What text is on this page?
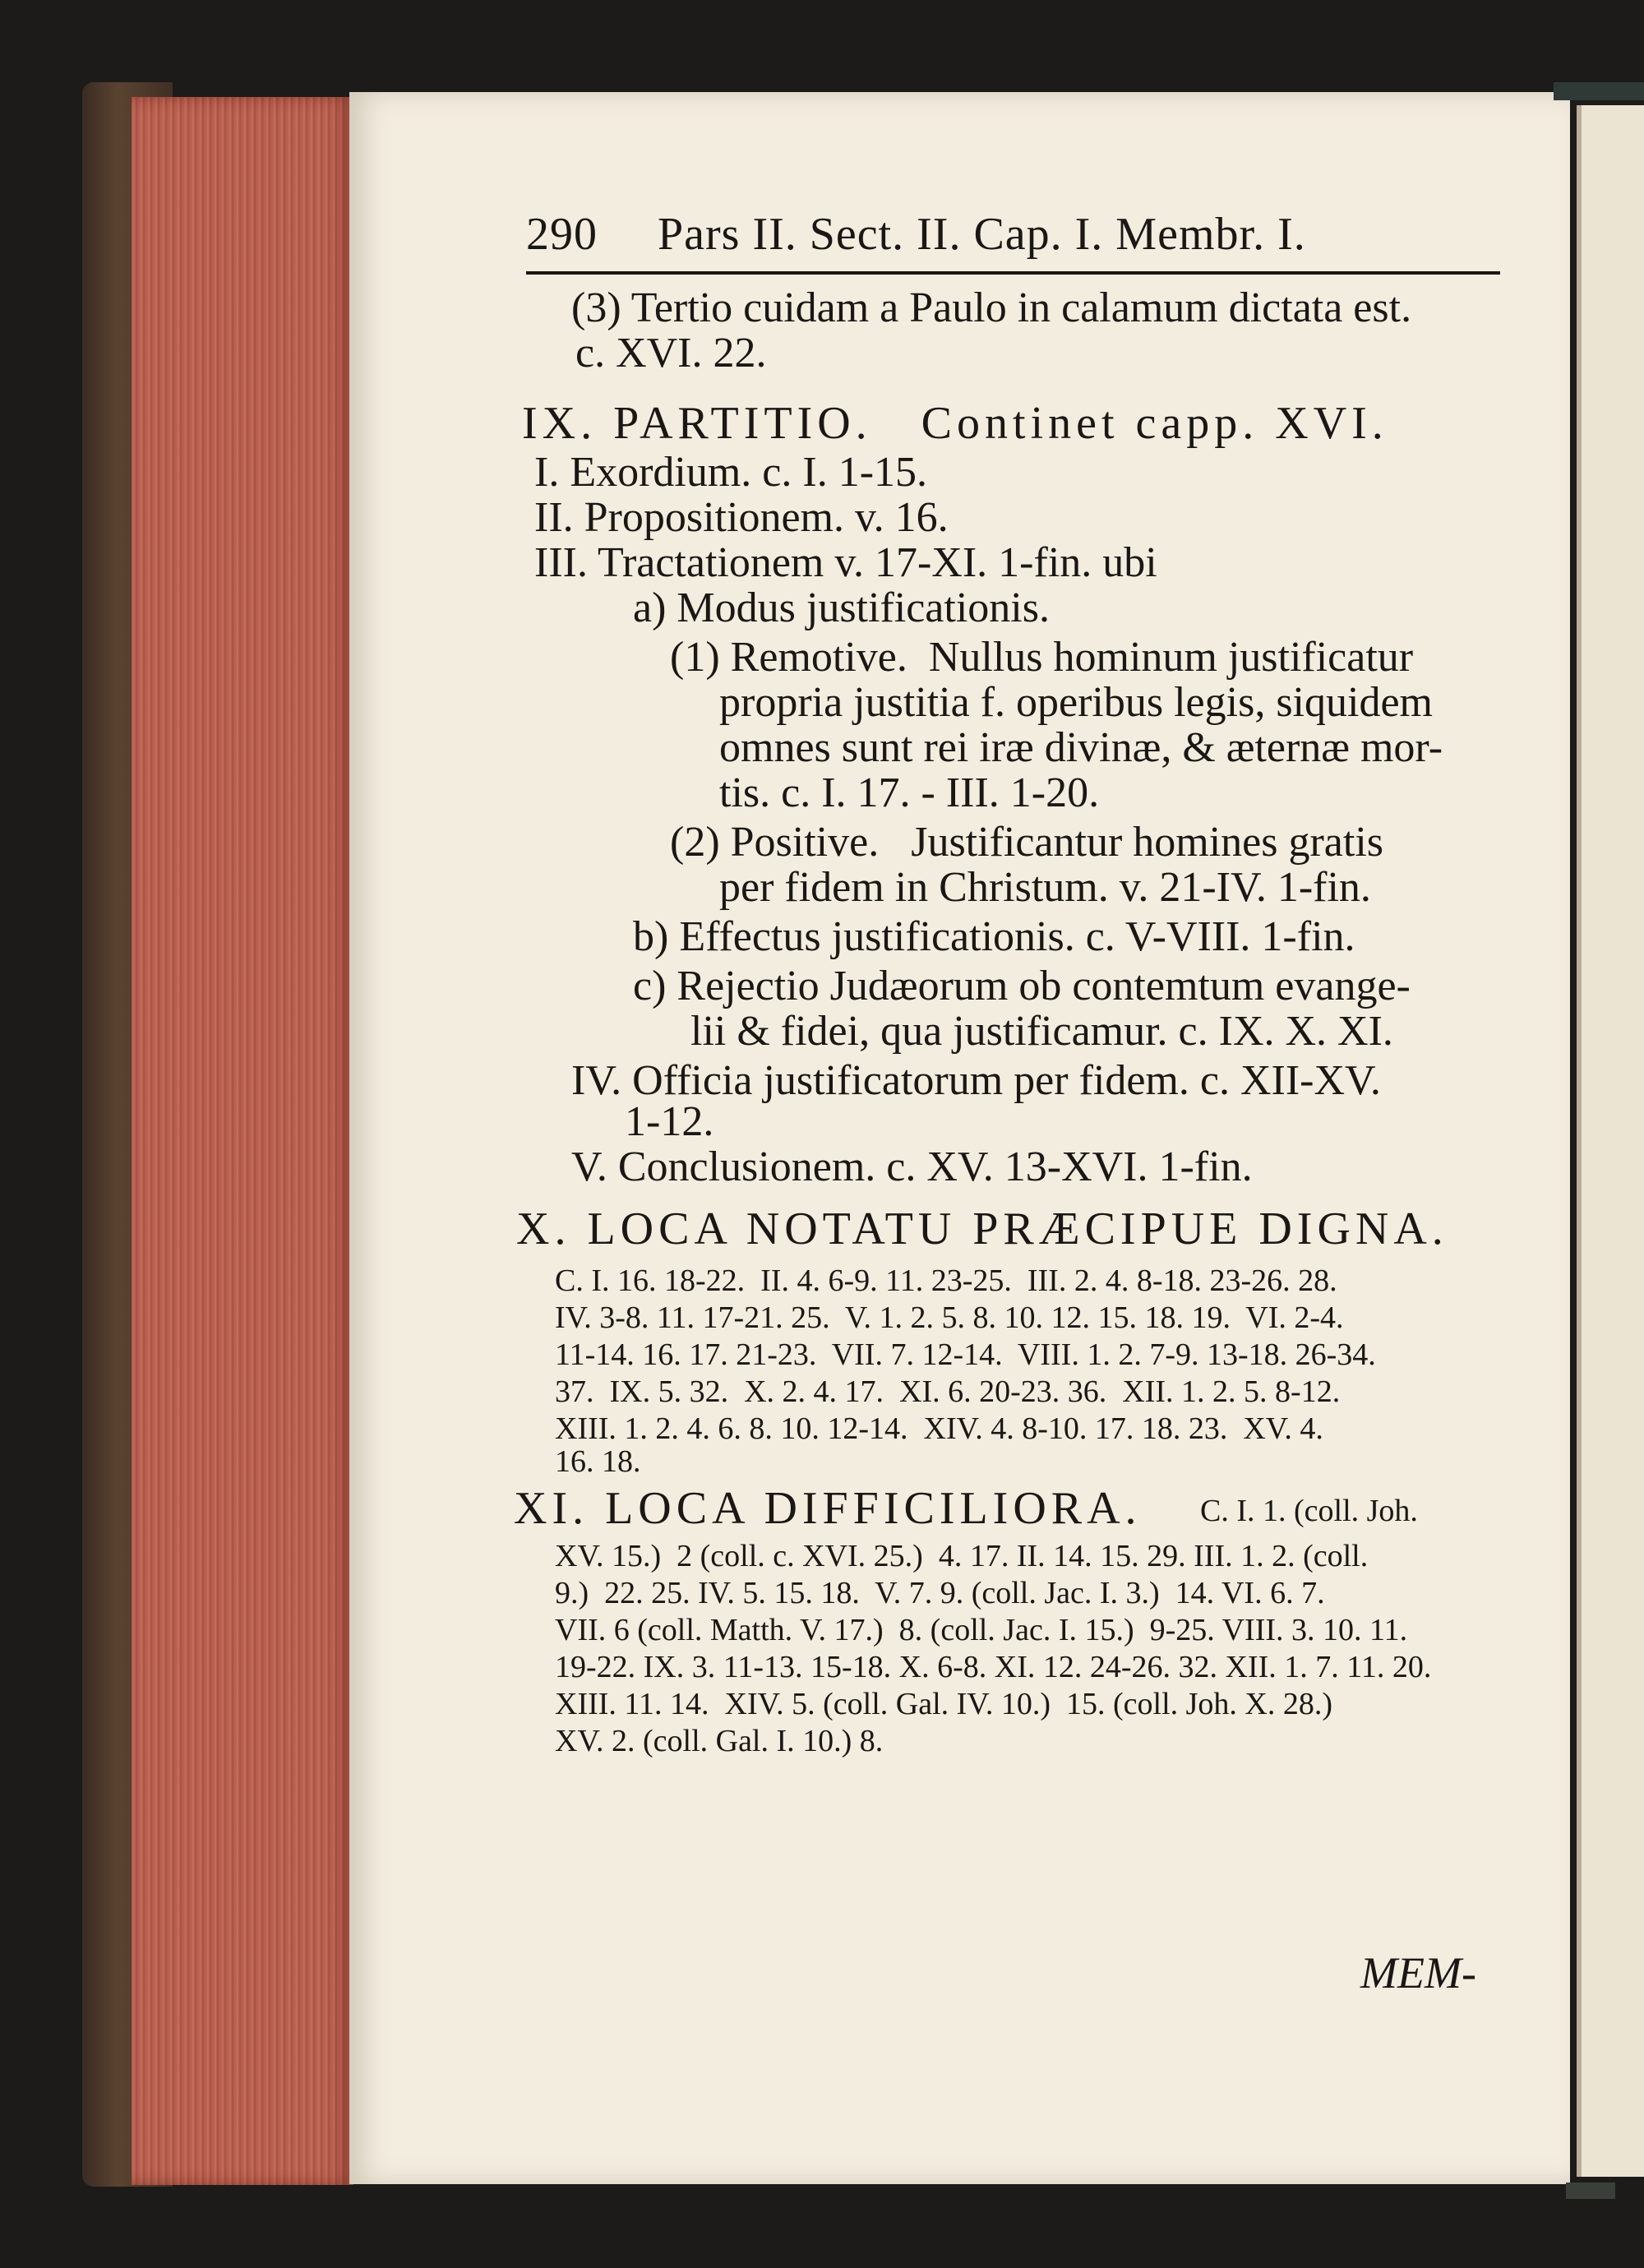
290 Pars II. Sect. II. Cap. I. Membr. I.
(3) Tertio cuidam a Paulo in calamum dictata est.
c. XVI. 22.
IX. PARTITIO.   Continet capp. XVI.
I. Exordium. c. I. 1-15.
II. Propositionem. v. 16.
III. Tractationem v. 17-XI. 1-fin. ubi
a) Modus justificationis.
(1) Remotive.  Nullus hominum justificatur
propria justitia f. operibus legis, siquidem
omnes sunt rei iræ divinæ, & æternæ mor-
tis. c. I. 17. - III. 1-20.
(2) Positive.   Justificantur homines gratis
per fidem in Christum. v. 21-IV. 1-fin.
b) Effectus justificationis. c. V-VIII. 1-fin.
c) Rejectio Judæorum ob contemtum evange-
lii & fidei, qua justificamur. c. IX. X. XI.
IV. Officia justificatorum per fidem. c. XII-XV.
1-12.
V. Conclusionem. c. XV. 13-XVI. 1-fin.
X. LOCA NOTATU PRÆCIPUE DIGNA.
C. I. 16. 18-22.  II. 4. 6-9. 11. 23-25.  III. 2. 4. 8-18. 23-26. 28.
IV. 3-8. 11. 17-21. 25.  V. 1. 2. 5. 8. 10. 12. 15. 18. 19.  VI. 2-4.
11-14. 16. 17. 21-23.  VII. 7. 12-14.  VIII. 1. 2. 7-9. 13-18. 26-34.
37.  IX. 5. 32.  X. 2. 4. 17.  XI. 6. 20-23. 36.  XII. 1. 2. 5. 8-12.
XIII. 1. 2. 4. 6. 8. 10. 12-14.  XIV. 4. 8-10. 17. 18. 23.  XV. 4.
16. 18.
XI. LOCA DIFFICILIORA. C. I. 1. (coll. Joh.
XV. 15.)  2 (coll. c. XVI. 25.)  4. 17. II. 14. 15. 29. III. 1. 2. (coll.
9.)  22. 25. IV. 5. 15. 18.  V. 7. 9. (coll. Jac. I. 3.)  14. VI. 6. 7.
VII. 6 (coll. Matth. V. 17.)  8. (coll. Jac. I. 15.)  9-25. VIII. 3. 10. 11.
19-22. IX. 3. 11-13. 15-18. X. 6-8. XI. 12. 24-26. 32. XII. 1. 7. 11. 20.
XIII. 11. 14.  XIV. 5. (coll. Gal. IV. 10.)  15. (coll. Joh. X. 28.)
XV. 2. (coll. Gal. I. 10.) 8.
MEM-
